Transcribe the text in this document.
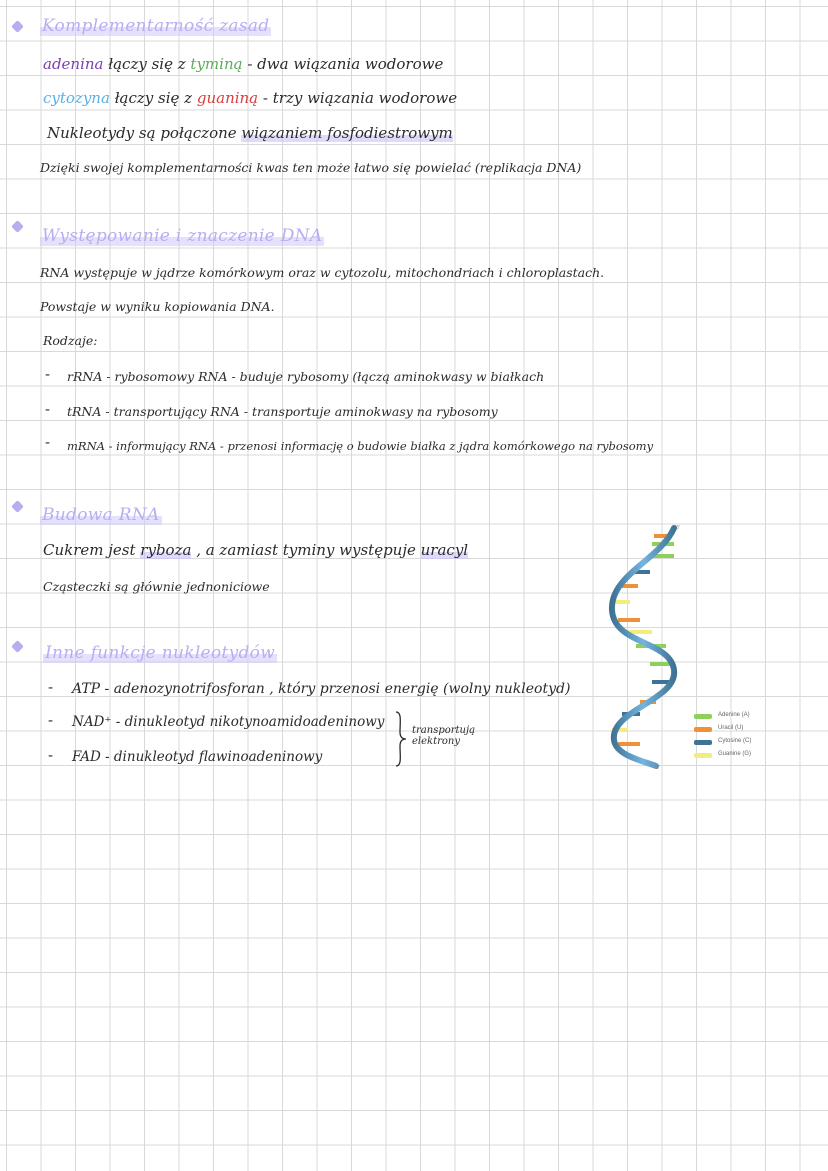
Komplementarność zasad
adenina łączy się z tyminą - dwa wiązania wodorowe
cytozyna łączy się z guaniną - trzy wiązania wodorowe
Nukleotydy są połączone wiązaniem fosfodiestrowym
Dzięki swojej komplementarności kwas ten może łatwo się powielać (replikacja DNA)
Występowanie i znaczenie DNA
RNA występuje w jądrze komórkowym oraz w cytozolu, mitochondriach i chloroplastach.
Powstaje w wyniku kopiowania DNA.
Rodzaje:
- rRNA - rybosomowy RNA - buduje rybosomy (łączą aminokwasy w białkach
- tRNA - transportujący RNA - transportuje aminokwasy na rybosomy
- mRNA - informujący RNA - przenosi informację o budowie białka z jądra komórkowego na rybosomy
Budowa RNA
Cukrem jest ryboza , a zamiast tyminy występuje uracyl
Cząsteczki są głównie jednoniciowe
Inne funkcje nukleotydów
- ATP - adenozynotrifosforan , który przenosi energię (wolny nukleotyd)
- NAD⁺ - dinukleotyd nikotynoamidoadeninowy
- FAD - dinukleotyd flawinoadeninowy
transportują
elektrony
3'
5'
Adenine (A)
Uracil (U)
Cytosine (C)
Guanine (G)
